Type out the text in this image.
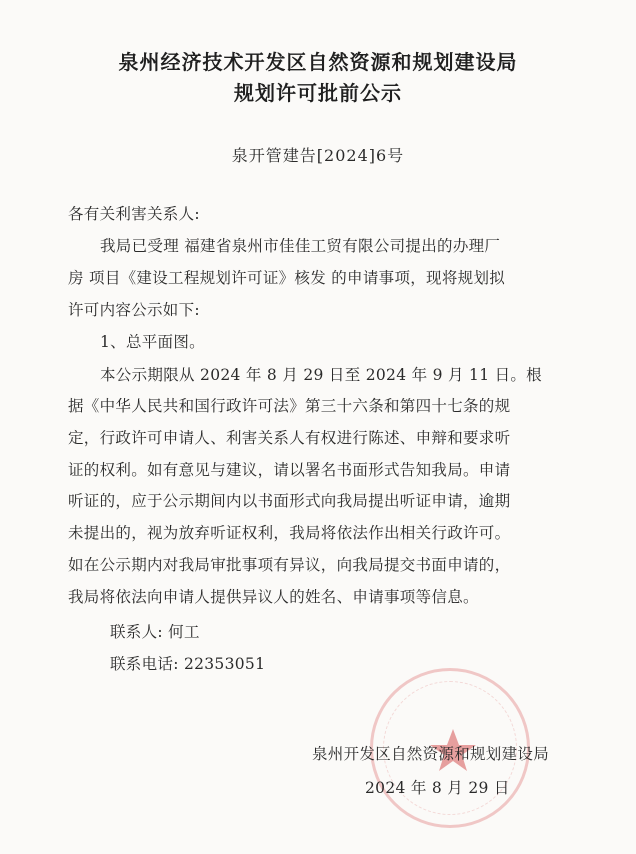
泉州经济技术开发区自然资源和规划建设局
规划许可批前公示
泉开管建告[2024]6号
各有关利害关系人:
我局已受理 福建省泉州市佳佳工贸有限公司提出的办理厂
房 项目《建设工程规划许可证》核发 的申请事项，现将规划拟
许可内容公示如下:
1、总平面图。
本公示期限从 2024 年 8 月 29 日至 2024 年 9 月 11 日。根
据《中华人民共和国行政许可法》第三十六条和第四十七条的规
定，行政许可申请人、利害关系人有权进行陈述、申辩和要求听
证的权利。如有意见与建议，请以署名书面形式告知我局。申请
听证的，应于公示期间内以书面形式向我局提出听证申请，逾期
未提出的，视为放弃听证权利，我局将依法作出相关行政许可。
如在公示期内对我局审批事项有异议，向我局提交书面申请的，
我局将依法向申请人提供异议人的姓名、申请事项等信息。
联系人: 何工
联系电话: 22353051
泉州开发区自然资源和规划建设局
2024 年 8 月 29 日
